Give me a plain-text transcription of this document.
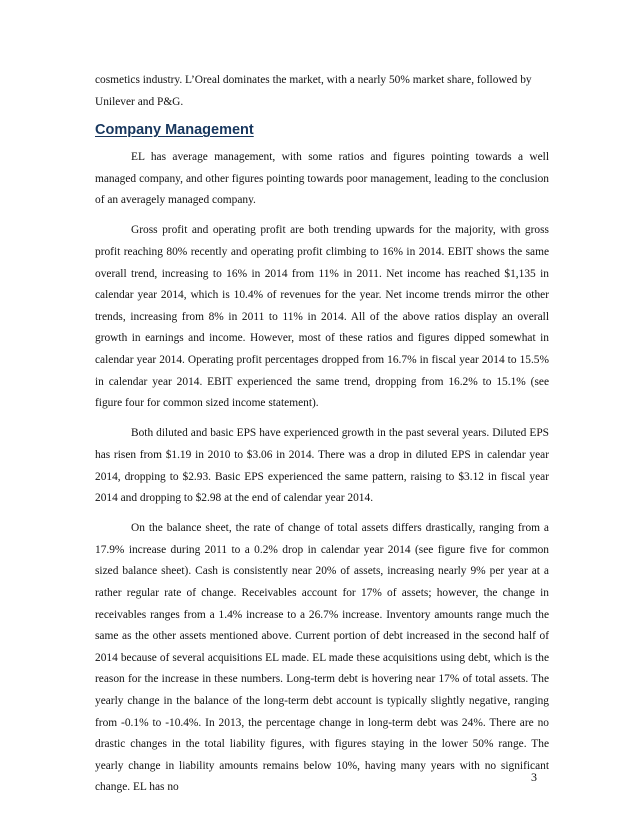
cosmetics industry. L’Oreal dominates the market, with a nearly 50% market share, followed by Unilever and P&G.

Company Management

EL has average management, with some ratios and figures pointing towards a well managed company, and other figures pointing towards poor management, leading to the conclusion of an averagely managed company.

Gross profit and operating profit are both trending upwards for the majority, with gross profit reaching 80% recently and operating profit climbing to 16% in 2014. EBIT shows the same overall trend, increasing to 16% in 2014 from 11% in 2011. Net income has reached $1,135 in calendar year 2014, which is 10.4% of revenues for the year. Net income trends mirror the other trends, increasing from 8% in 2011 to 11% in 2014. All of the above ratios display an overall growth in earnings and income. However, most of these ratios and figures dipped somewhat in calendar year 2014. Operating profit percentages dropped from 16.7% in fiscal year 2014 to 15.5% in calendar year 2014. EBIT experienced the same trend, dropping from 16.2% to 15.1% (see figure four for common sized income statement).

Both diluted and basic EPS have experienced growth in the past several years. Diluted EPS has risen from $1.19 in 2010 to $3.06 in 2014. There was a drop in diluted EPS in calendar year 2014, dropping to $2.93. Basic EPS experienced the same pattern, raising to $3.12 in fiscal year 2014 and dropping to $2.98 at the end of calendar year 2014.

On the balance sheet, the rate of change of total assets differs drastically, ranging from a 17.9% increase during 2011 to a 0.2% drop in calendar year 2014 (see figure five for common sized balance sheet). Cash is consistently near 20% of assets, increasing nearly 9% per year at a rather regular rate of change. Receivables account for 17% of assets; however, the change in receivables ranges from a 1.4% increase to a 26.7% increase. Inventory amounts range much the same as the other assets mentioned above. Current portion of debt increased in the second half of 2014 because of several acquisitions EL made. EL made these acquisitions using debt, which is the reason for the increase in these numbers. Long-term debt is hovering near 17% of total assets. The yearly change in the balance of the long-term debt account is typically slightly negative, ranging from -0.1% to -10.4%. In 2013, the percentage change in long-term debt was 24%. There are no drastic changes in the total liability figures, with figures staying in the lower 50% range. The yearly change in liability amounts remains below 10%, having many years with no significant change. EL has no

3
